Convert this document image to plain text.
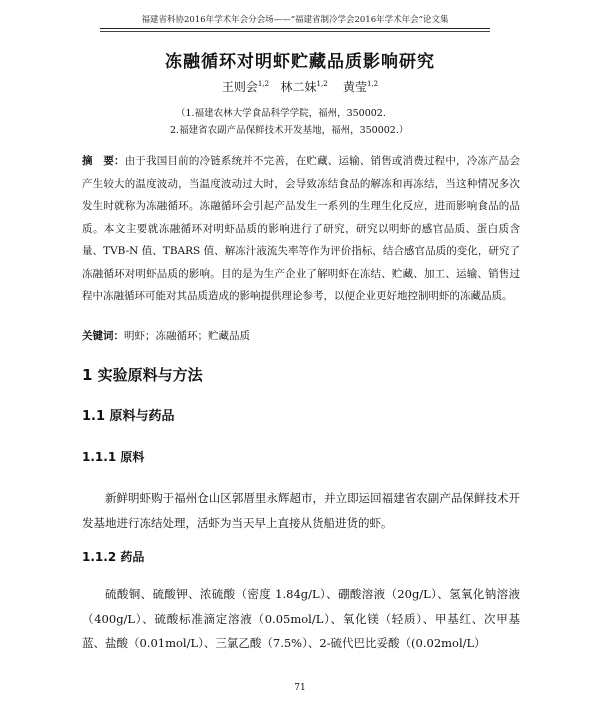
福建省科协2016年学术年会分会场——“福建省制冷学会2016年学术年会”论文集
冻融循环对明虾贮藏品质影响研究
王则会$^{1,2}$ 林二妹$^{1,2}$ 黄莹$^{1,2}$
（1.福建农林大学食品科学学院，福州，350002.
2.福建省农副产品保鲜技术开发基地，福州，350002.）
摘　要：由于我国目前的冷链系统并不完善，在贮藏、运输、销售或消费过程中，冷冻产品会产生较大的温度波动，当温度波动过大时，会导致冻结食品的解冻和再冻结，当这种情况多次发生时就称为冻融循环。冻融循环会引起产品发生一系列的生理生化反应，进而影响食品的品质。本文主要就冻融循环对明虾品质的影响进行了研究，研究以明虾的感官品质、蛋白质含量、TVB-N 值、TBARS 值、解冻汁液流失率等作为评价指标，结合感官品质的变化，研究了冻融循环对明虾品质的影响。目的是为生产企业了解明虾在冻结、贮藏、加工、运输、销售过程中冻融循环可能对其品质造成的影响提供理论参考，以便企业更好地控制明虾的冻藏品质。
关键词：明虾；冻融循环；贮藏品质
1 实验原料与方法
1.1 原料与药品
1.1.1 原料
新鲜明虾购于福州仓山区郭厝里永辉超市，并立即运回福建省农副产品保鲜技术开发基地进行冻结处理，活虾为当天早上直接从货船进货的虾。
1.1.2 药品
硫酸铜、硫酸钾、浓硫酸（密度 1.84g/L）、硼酸溶液（20g/L）、氢氧化钠溶液（400g/L）、硫酸标准滴定溶液（0.05mol/L）、氧化镁（轻质）、甲基红、次甲基蓝、盐酸（0.01mol/L）、三氯乙酸（7.5%）、2-硫代巴比妥酸（(0.02mol/L）
71
